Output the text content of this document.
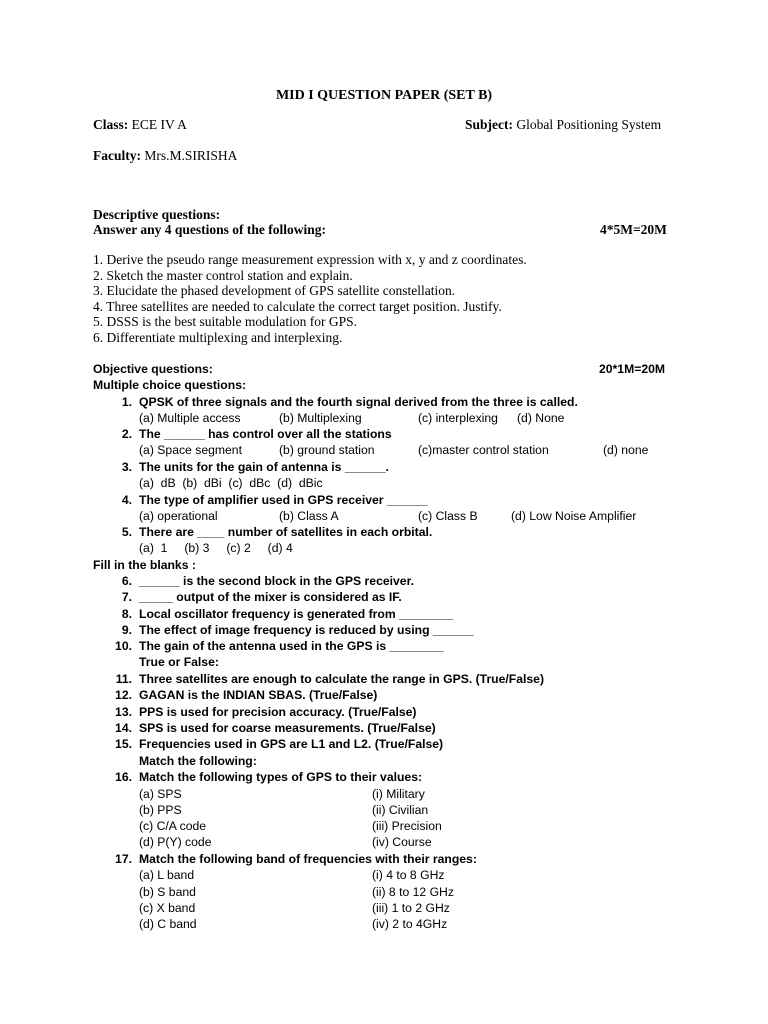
MID I QUESTION PAPER (SET B)
Class: ECE IV A	Subject: Global Positioning System
Faculty: Mrs.M.SIRISHA
Descriptive questions:
Answer any 4 questions of the following:	4*5M=20M
1. Derive the pseudo range measurement expression with x, y and z coordinates.
2. Sketch the master control station and explain.
3. Elucidate the phased development of GPS satellite constellation.
4. Three satellites are needed to calculate the correct target position. Justify.
5. DSSS is the best suitable modulation for GPS.
6. Differentiate multiplexing and interplexing.
Objective questions:	20*1M=20M
Multiple choice questions:
1. QPSK of three signals and the fourth signal derived from the three is called.
(a) Multiple access	(b) Multiplexing	(c) interplexing (d) None
2. The ______ has control over all the stations
(a) Space segment	(b) ground station	(c)master control station	(d) none
3. The units for the gain of antenna is ______.
(a)  dB  (b)  dBi  (c)  dBc  (d)  dBic
4. The type of amplifier used in GPS receiver ______
(a) operational	(b) Class A	(c) Class B	(d) Low Noise Amplifier
5. There are ____ number of satellites in each orbital.
(a)  1     (b) 3     (c) 2     (d) 4
Fill in the blanks :
6. ______ is the second block in the GPS receiver.
7. _____ output of the mixer is considered as IF.
8. Local oscillator frequency is generated from ________
9. The effect of image frequency is reduced by using ______
10. The gain of the antenna used in the GPS is ________
True or False:
11. Three satellites are enough to calculate the range in GPS. (True/False)
12. GAGAN is the INDIAN SBAS. (True/False)
13. PPS is used for precision accuracy. (True/False)
14. SPS is used for coarse measurements. (True/False)
15. Frequencies used in GPS are L1 and L2. (True/False)
Match the following:
16. Match the following types of GPS to their values:
(a) SPS	(i) Military
(b) PPS	(ii) Civilian
(c) C/A code	(iii) Precision
(d) P(Y) code	(iv) Course
17. Match the following band of frequencies with their ranges:
(a) L band	(i) 4 to 8 GHz
(b) S band	(ii) 8 to 12 GHz
(c) X band	(iii) 1 to 2 GHz
(d) C band	(iv) 2 to 4GHz
